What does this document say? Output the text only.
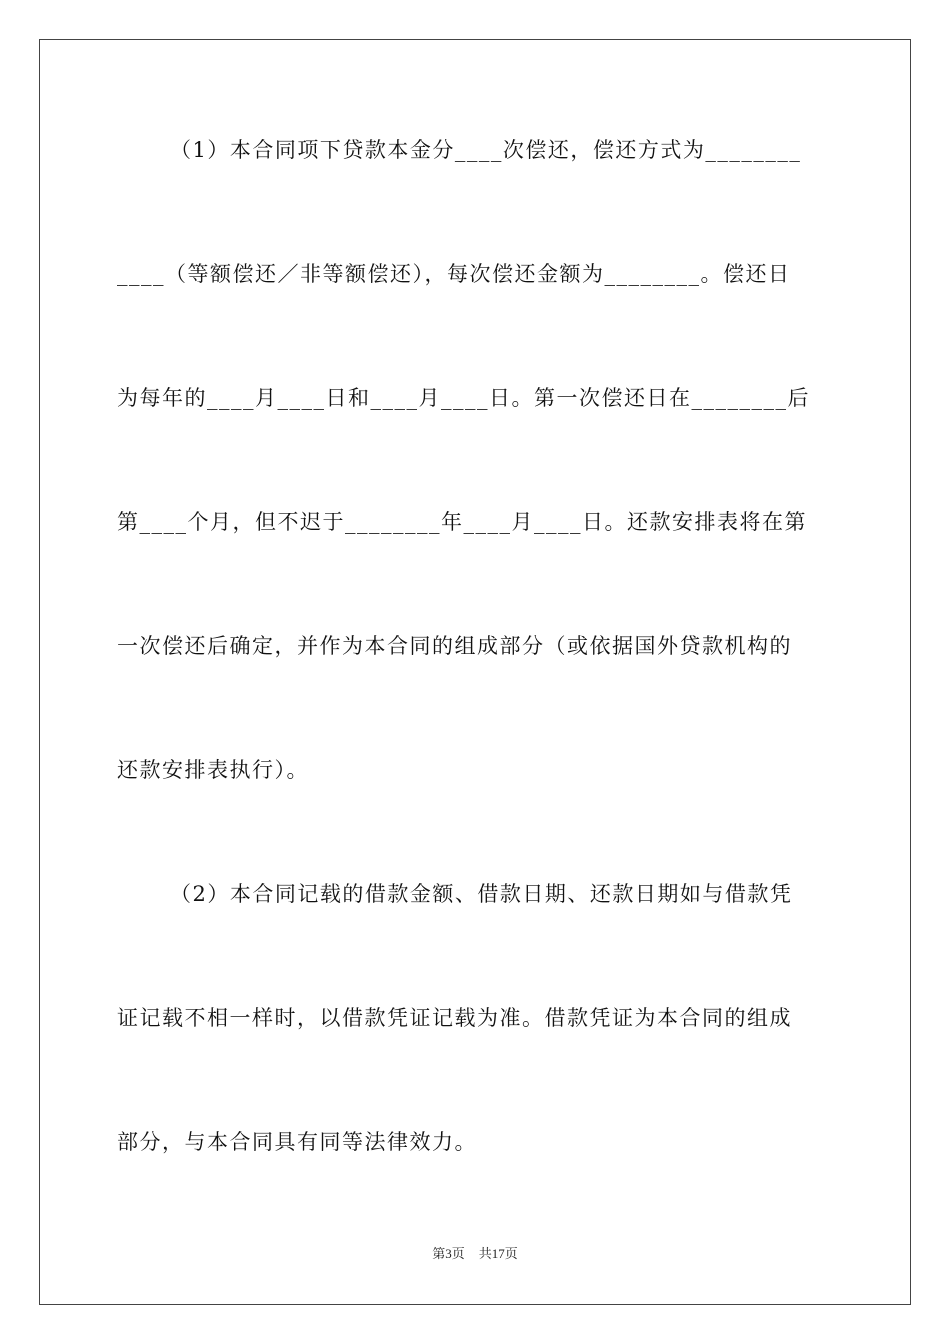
（1）本合同项下贷款本金分____次偿还，偿还方式为________
____（等额偿还／非等额偿还），每次偿还金额为________。偿还日
为每年的____月____日和____月____日。第一次偿还日在________后
第____个月，但不迟于________年____月____日。还款安排表将在第
一次偿还后确定，并作为本合同的组成部分（或依据国外贷款机构的
还款安排表执行）。
（2）本合同记载的借款金额、借款日期、还款日期如与借款凭
证记载不相一样时，以借款凭证记载为准。借款凭证为本合同的组成
部分，与本合同具有同等法律效力。
第3页 共17页
